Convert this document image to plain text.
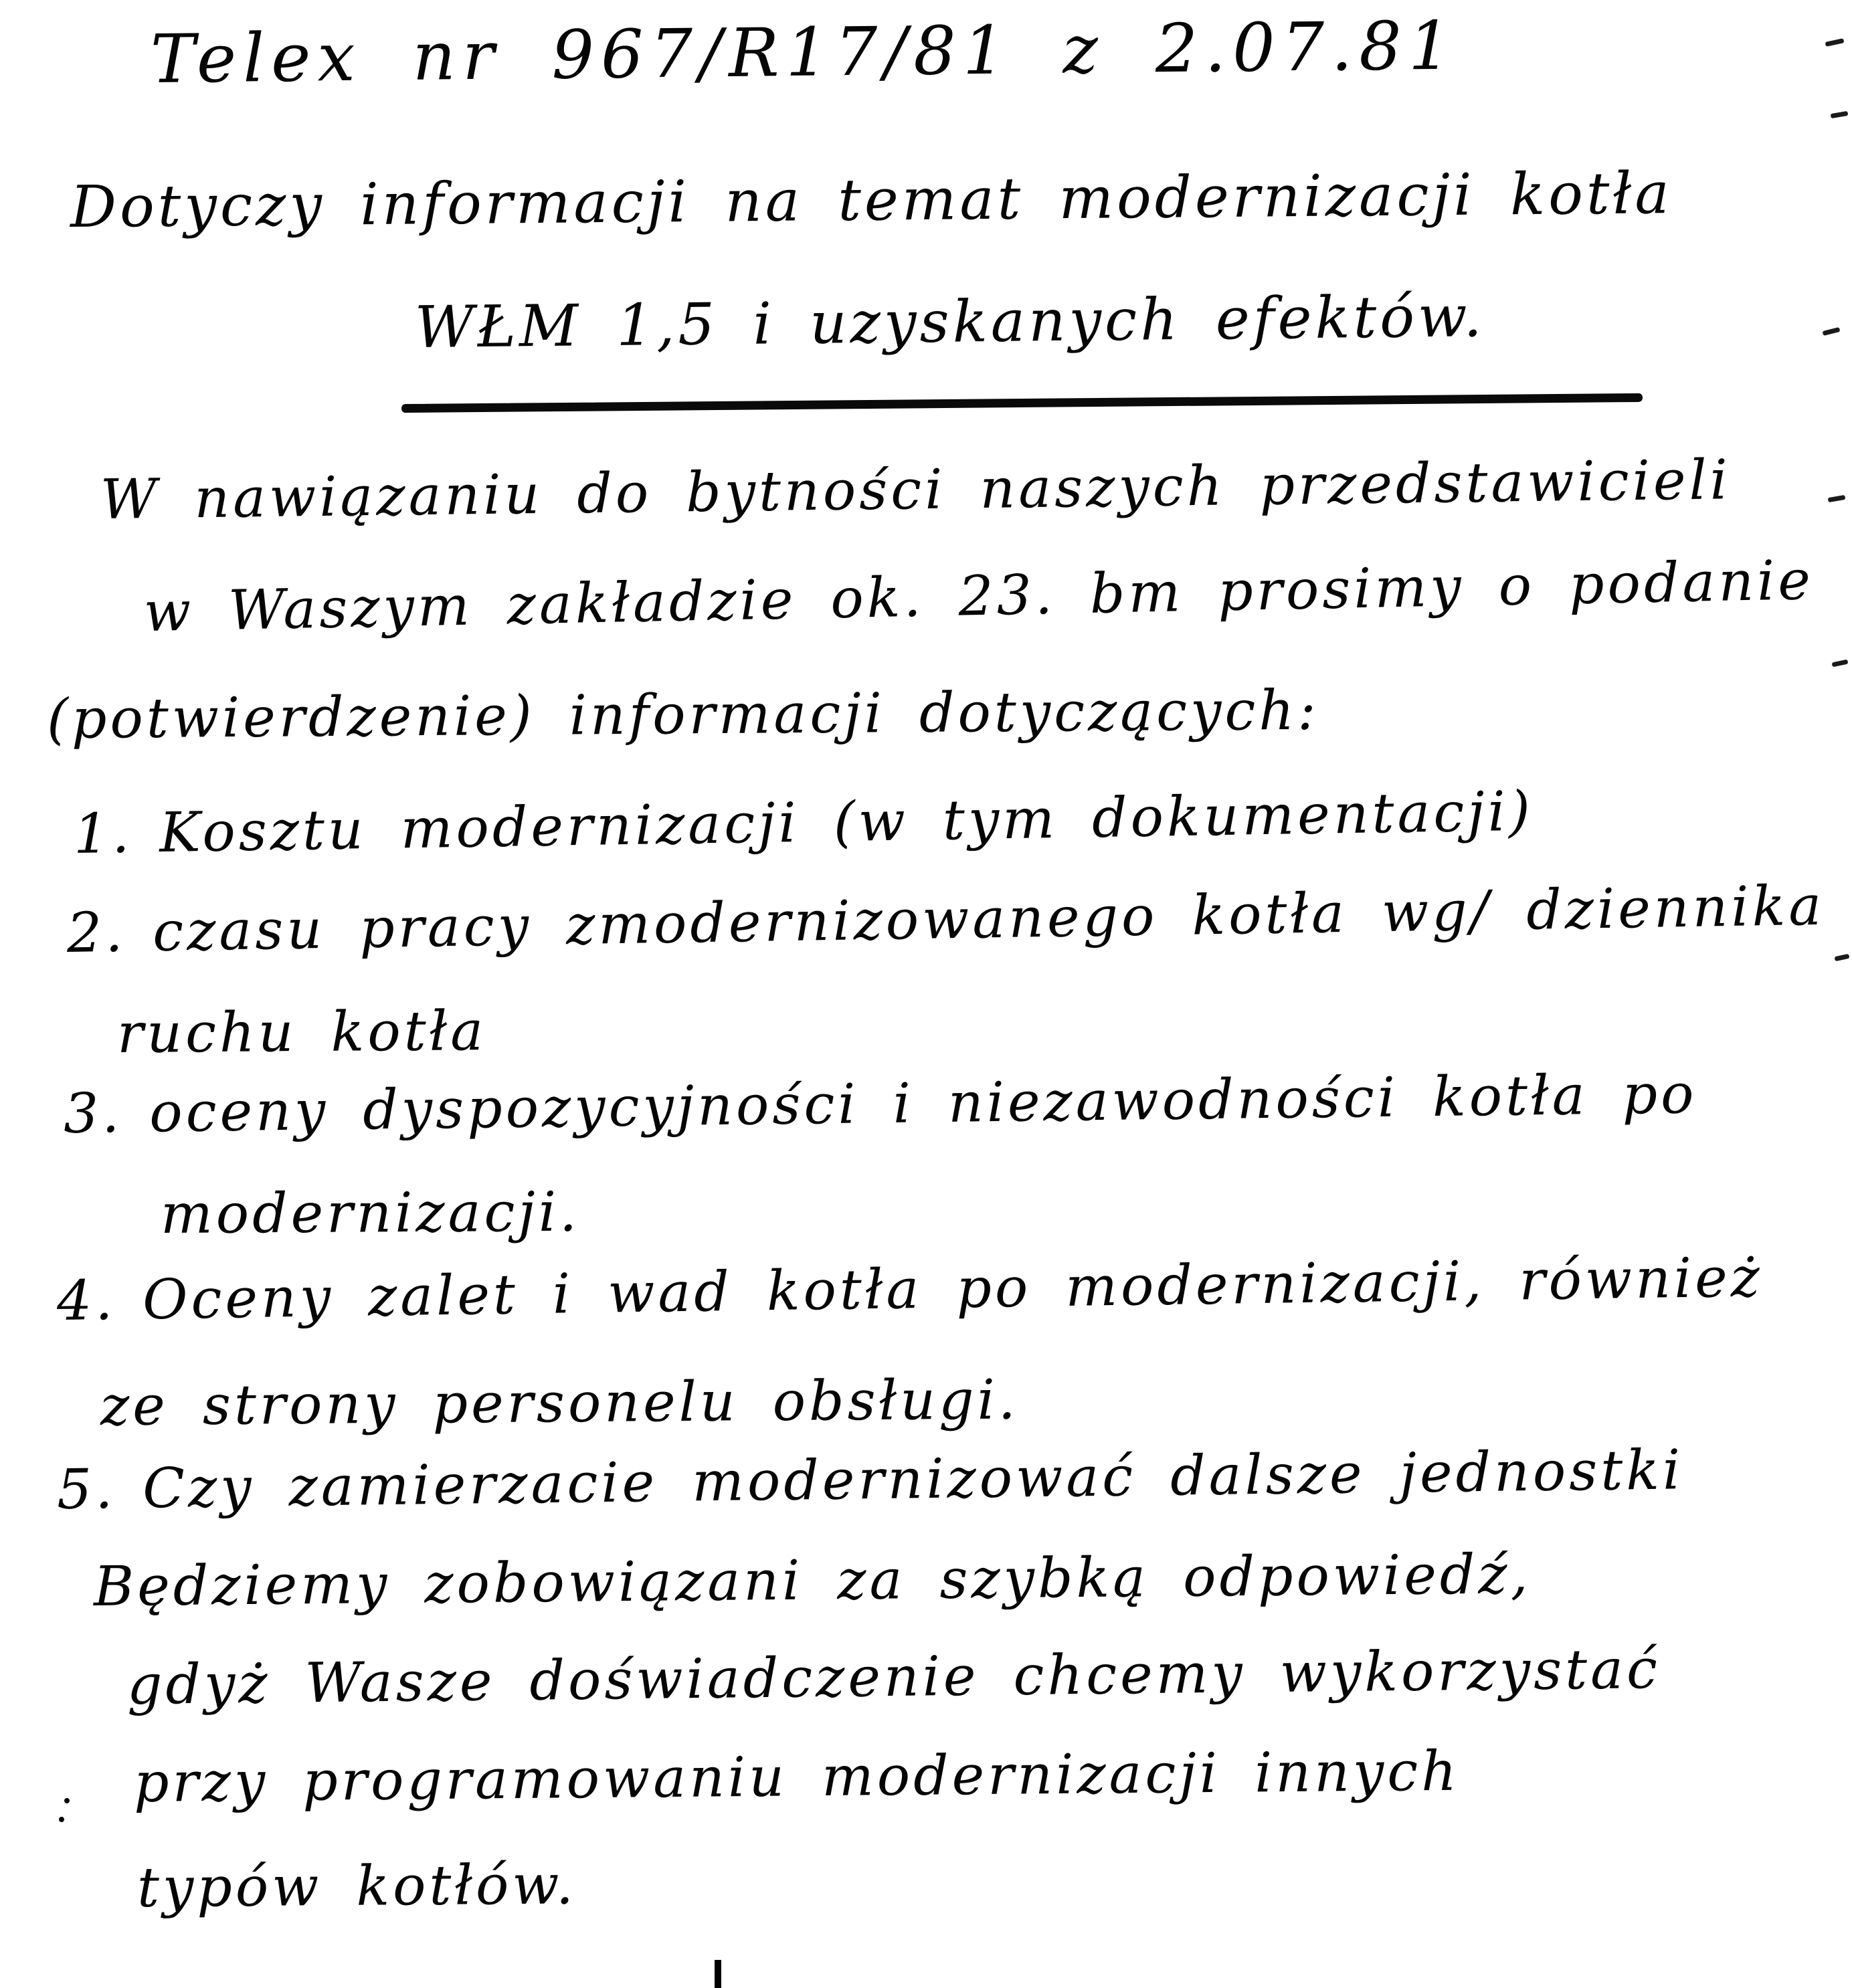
Telex nr 967/R17/81 z 2.07.81
Dotyczy informacji na temat modernizacji kotła
WŁM 1,5 i uzyskanych efektów.
W nawiązaniu do bytności naszych przedstawicieli
w Waszym zakładzie ok. 23. bm prosimy o podanie
(potwierdzenie) informacji dotyczących:
1. Kosztu modernizacji (w tym dokumentacji)
2. czasu pracy zmodernizowanego kotła wg/ dziennika
ruchu kotła
3. oceny dyspozycyjności i niezawodności kotła po
modernizacji.
4. Oceny zalet i wad kotła po modernizacji, również
ze strony personelu obsługi.
5. Czy zamierzacie modernizować dalsze jednostki
Będziemy zobowiązani za szybką odpowiedź,
gdyż Wasze doświadczenie chcemy wykorzystać
przy programowaniu modernizacji innych
typów kotłów.
